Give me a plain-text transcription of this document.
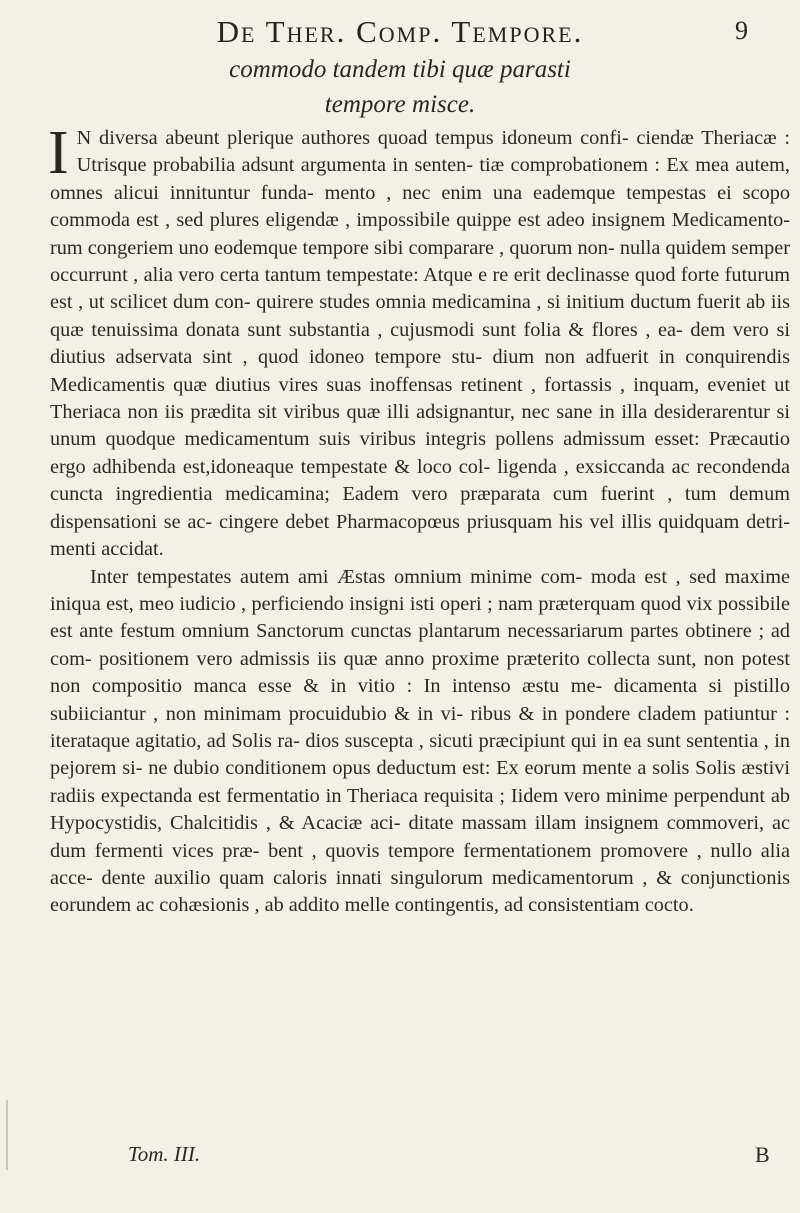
De Ther. Comp. Tempore.	9
commodo tandem tibi quæ parasti
tempore misce.

I N diversa abeunt plerique authores quoad tempus idoneum confi- ciendæ Theriacæ : Utrisque probabilia adsunt argumenta in senten- tiæ comprobationem : Ex mea autem, omnes alicui innituntur funda- mento , nec enim una eademque tempestas ei scopo commoda est , sed plures eligendæ , impossibile quippe est adeo insignem Medicamento- rum congeriem uno eodemque tempore sibi comparare , quorum non- nulla quidem semper occurrunt , alia vero certa tantum tempestate: Atque e re erit declinasse quod forte futurum est , ut scilicet dum con- quirere studes omnia medicamina , si initium ductum fuerit ab iis quæ tenuissima donata sunt substantia , cujusmodi sunt folia & flores , ea- dem vero si diutius adservata sint , quod idoneo tempore stu- dium non adfuerit in conquirendis Medicamentis quæ diutius vires suas inoffensas retinent , fortassis , inquam, eveniet ut Theriaca non iis prædita sit viribus quæ illi adsignantur, nec sane in illa desiderarentur si unum quodque medicamentum suis viribus integris pollens admissum esset: Præcautio ergo adhibenda est,idoneaque tempestate & loco col- ligenda , exsiccanda ac recondenda cuncta ingredientia medicamina; Eadem vero præparata cum fuerint , tum demum dispensationi se ac- cingere debet Pharmacopœus priusquam his vel illis quidquam detri- menti accidat.

Inter tempestates autem ami Æstas omnium minime com- moda est , sed maxime iniqua est, meo iudicio , perficiendo insigni isti operi ; nam præterquam quod vix possibile est ante festum omnium Sanctorum cunctas plantarum necessariarum partes obtinere ; ad com- positionem vero admissis iis quæ anno proxime præterito collecta sunt, non potest non compositio manca esse & in vitio : In intenso æstu me- dicamenta si pistillo subiiciantur , non minimam procuidubio & in vi- ribus & in pondere cladem patiuntur : iterataque agitatio, ad Solis ra- dios suscepta , sicuti præcipiunt qui in ea sunt sententia , in pejorem si- ne dubio conditionem opus deductum est: Ex eorum mente a solis Solis æstivi radiis expectanda est fermentatio in Theriaca requisita ; Iidem vero minime perpendunt ab Hypocystidis, Chalcitidis , & Acaciæ aci- ditate massam illam insignem commoveri, ac dum fermenti vices præ- bent , quovis tempore fermentationem promovere , nullo alia acce- dente auxilio quam caloris innati singulorum medicamentorum , & conjunctionis eorundem ac cohæsionis , ab addito melle contingentis, ad consistentiam cocto.

Tom. III.	B
